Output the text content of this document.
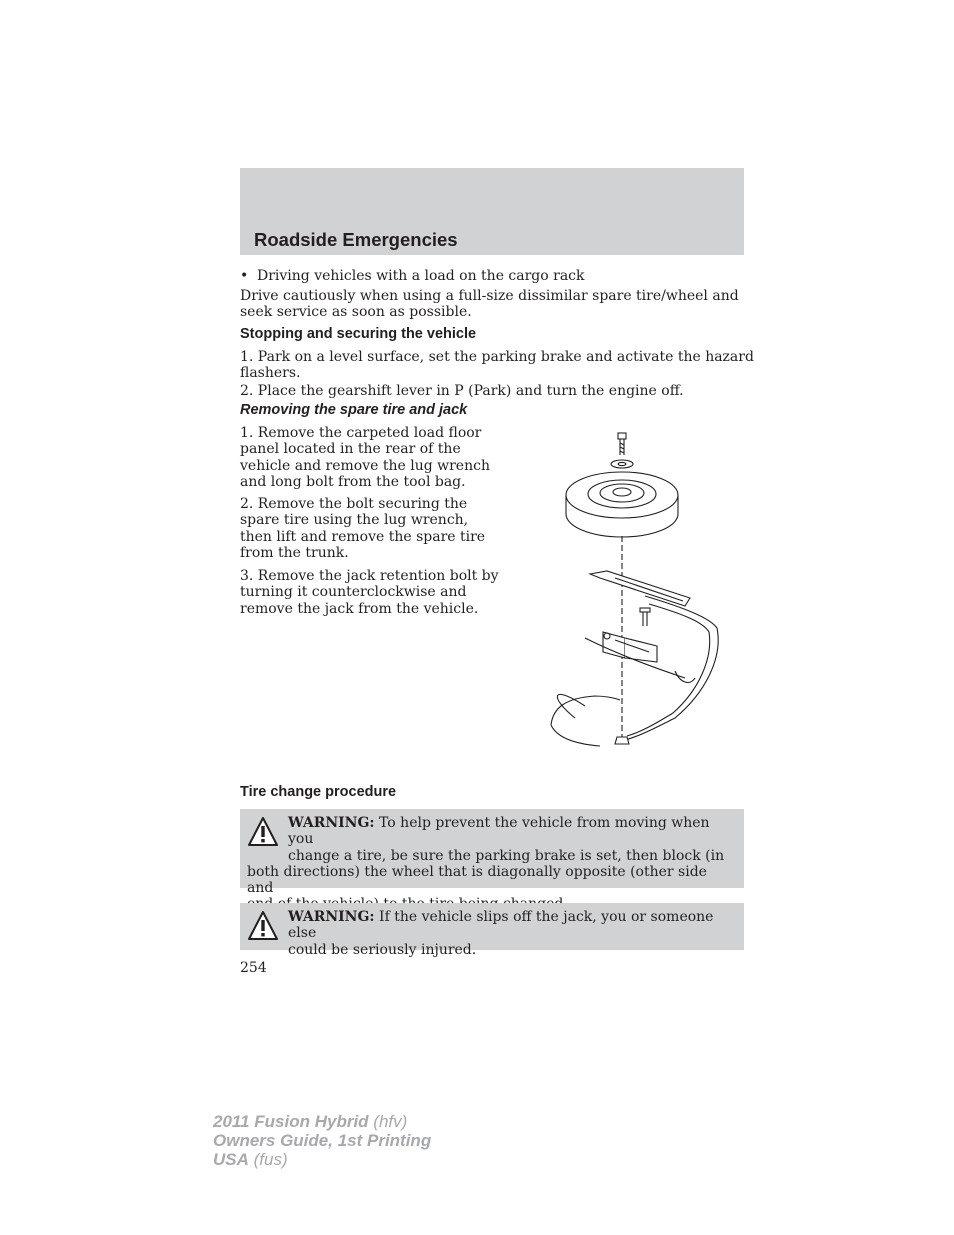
Roadside Emergencies

• Driving vehicles with a load on the cargo rack

Drive cautiously when using a full-size dissimilar spare tire/wheel and
seek service as soon as possible.

Stopping and securing the vehicle

1. Park on a level surface, set the parking brake and activate the hazard
flashers.

2. Place the gearshift lever in P (Park) and turn the engine off.

Removing the spare tire and jack

1. Remove the carpeted load floor
panel located in the rear of the
vehicle and remove the lug wrench
and long bolt from the tool bag.

2. Remove the bolt securing the
spare tire using the lug wrench,
then lift and remove the spare tire
from the trunk.

3. Remove the jack retention bolt by
turning it counterclockwise and
remove the jack from the vehicle.

Tire change procedure
WARNING: To help prevent the vehicle from moving when you
change a tire, be sure the parking brake is set, then block (in
both directions) the wheel that is diagonally opposite (other side and

WARNING: If the vehicle slips off the jack, you or someone else
could be seriously injured.
254
2011 Fusion Hybrid (hfv)
Owners Guide, 1st Printing
USA (fus)
